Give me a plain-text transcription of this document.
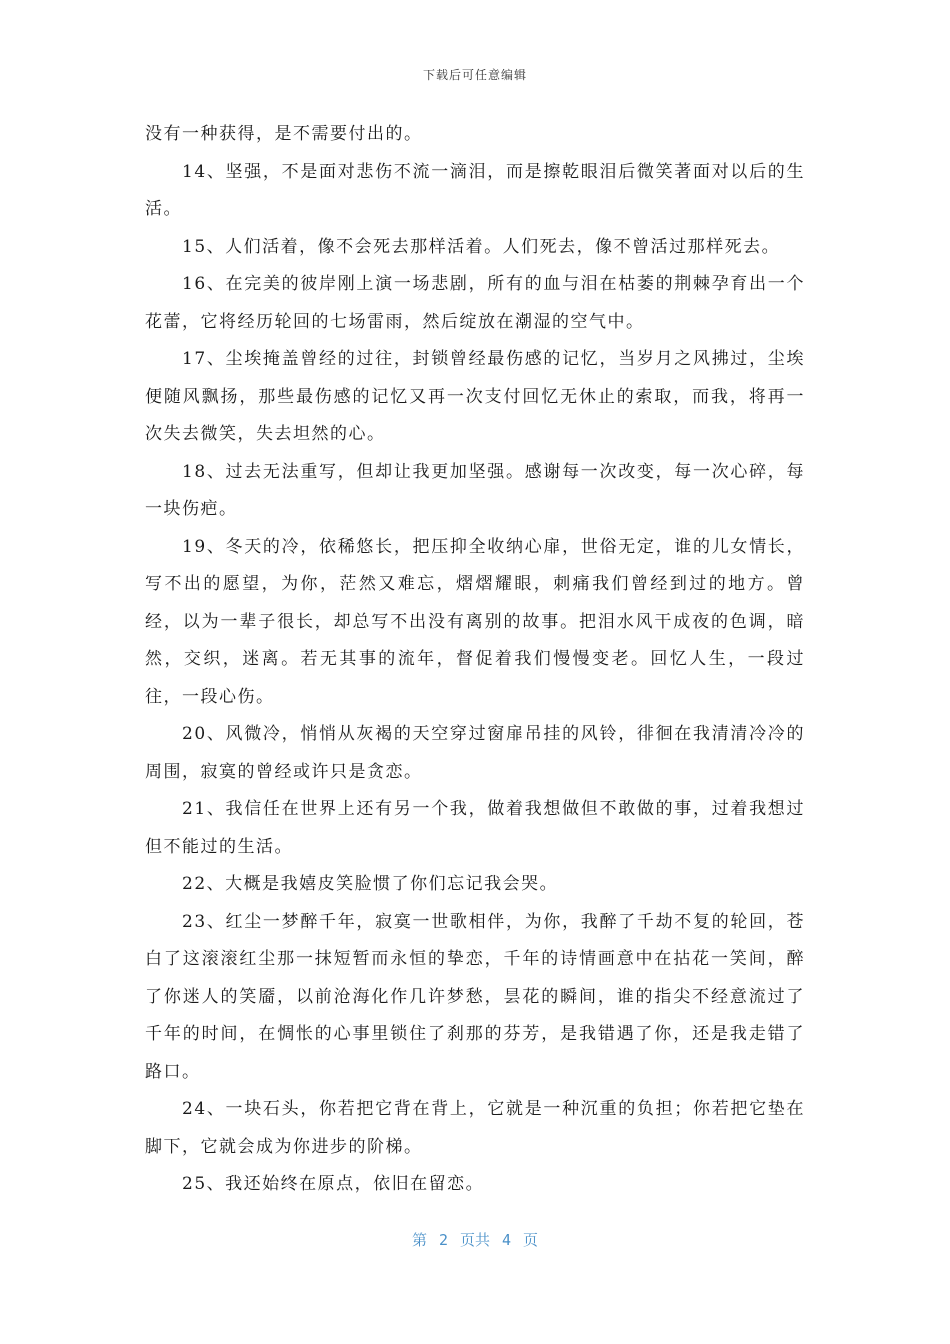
下载后可任意编辑

没有一种获得，是不需要付出的。

14、坚强，不是面对悲伤不流一滴泪，而是擦乾眼泪后微笑著面对以后的生活。

15、人们活着，像不会死去那样活着。人们死去，像不曾活过那样死去。

16、在完美的彼岸刚上演一场悲剧，所有的血与泪在枯萎的荆棘孕育出一个花蕾，它将经历轮回的七场雷雨，然后绽放在潮湿的空气中。

17、尘埃掩盖曾经的过往，封锁曾经最伤感的记忆，当岁月之风拂过，尘埃便随风飘扬，那些最伤感的记忆又再一次支付回忆无休止的索取，而我，将再一次失去微笑，失去坦然的心。

18、过去无法重写，但却让我更加坚强。感谢每一次改变，每一次心碎，每一块伤疤。

19、冬天的冷，依稀悠长，把压抑全收纳心扉，世俗无定，谁的儿女情长，写不出的愿望，为你，茫然又难忘，熠熠耀眼，刺痛我们曾经到过的地方。曾经，以为一辈子很长，却总写不出没有离别的故事。把泪水风干成夜的色调，暗然，交织，迷离。若无其事的流年，督促着我们慢慢变老。回忆人生，一段过往，一段心伤。

20、风微冷，悄悄从灰褐的天空穿过窗扉吊挂的风铃，徘徊在我清清冷冷的周围，寂寞的曾经或许只是贪恋。

21、我信任在世界上还有另一个我，做着我想做但不敢做的事，过着我想过但不能过的生活。

22、大概是我嬉皮笑脸惯了你们忘记我会哭。

23、红尘一梦醉千年，寂寞一世歌相伴，为你，我醉了千劫不复的轮回，苍白了这滚滚红尘那一抹短暂而永恒的挚恋，千年的诗情画意中在拈花一笑间，醉了你迷人的笑靥，以前沧海化作几许梦愁，昙花的瞬间，谁的指尖不经意流过了千年的时间，在惆怅的心事里锁住了刹那的芬芳，是我错遇了你，还是我走错了路口。

24、一块石头，你若把它背在背上，它就是一种沉重的负担；你若把它垫在脚下，它就会成为你进步的阶梯。

25、我还始终在原点，依旧在留恋。

第 2 页共 4 页
